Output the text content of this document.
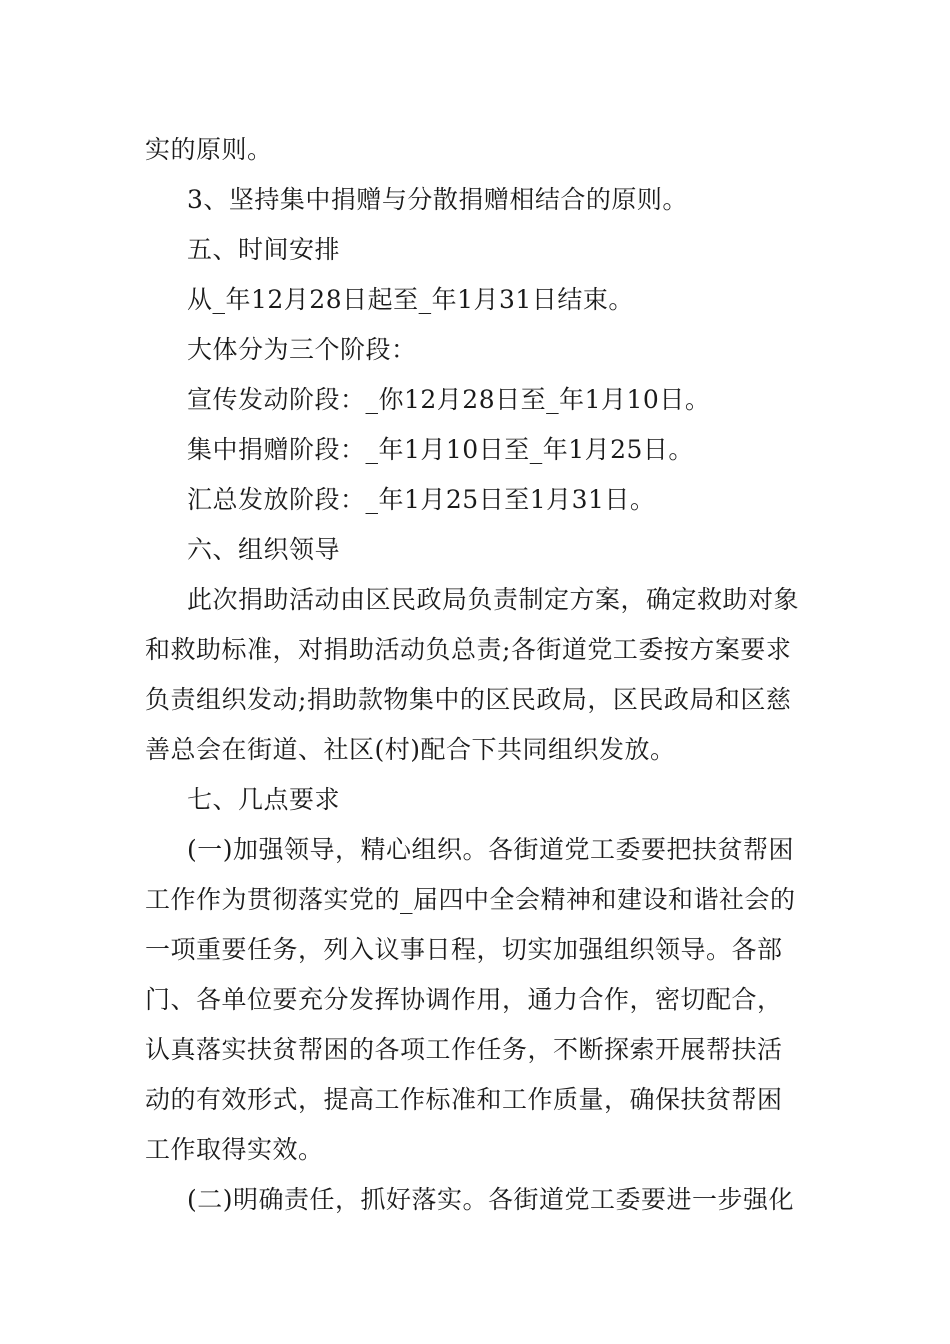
实的原则。
3、坚持集中捐赠与分散捐赠相结合的原则。
五、时间安排
从_年12月28日起至_年1月31日结束。
大体分为三个阶段：
宣传发动阶段：_你12月28日至_年1月10日。
集中捐赠阶段：_年1月10日至_年1月25日。
汇总发放阶段：_年1月25日至1月31日。
六、组织领导
此次捐助活动由区民政局负责制定方案，确定救助对象
和救助标准，对捐助活动负总责;各街道党工委按方案要求
负责组织发动;捐助款物集中的区民政局，区民政局和区慈
善总会在街道、社区(村)配合下共同组织发放。
七、几点要求
(一)加强领导，精心组织。各街道党工委要把扶贫帮困
工作作为贯彻落实党的_届四中全会精神和建设和谐社会的
一项重要任务，列入议事日程，切实加强组织领导。各部
门、各单位要充分发挥协调作用，通力合作，密切配合，
认真落实扶贫帮困的各项工作任务，不断探索开展帮扶活
动的有效形式，提高工作标准和工作质量，确保扶贫帮困
工作取得实效。
(二)明确责任，抓好落实。各街道党工委要进一步强化
